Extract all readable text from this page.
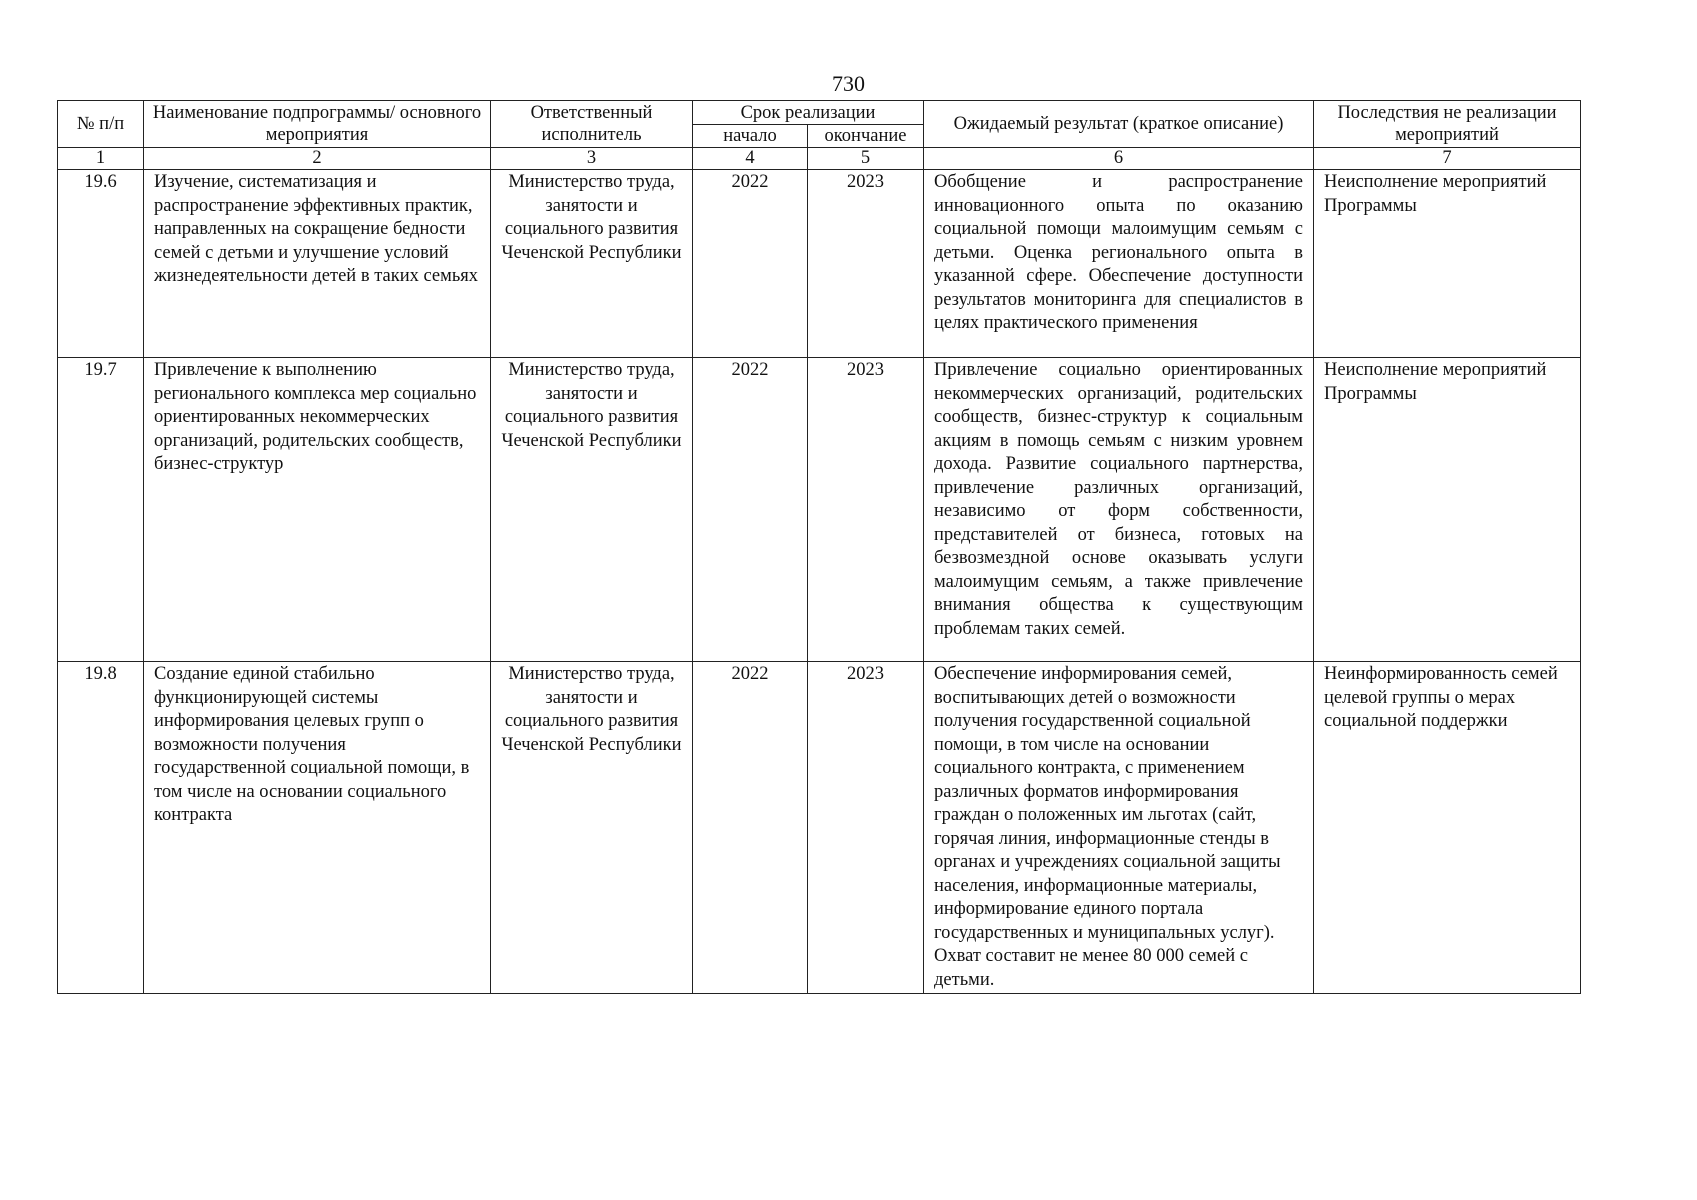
730
№ п/п	Наименование подпрограммы/ основного мероприятия	Ответственный исполнитель	Срок реализации		Ожидаемый результат (краткое описание)	Последствия не реализации мероприятий
			начало	окончание		
1	2	3	4	5	6	7
19.6	Изучение, систематизация и распространение эффективных практик, направленных на сокращение бедности семей с детьми и улучшение условий жизнедеятельности детей в таких семьях	Министерство труда, занятости и социального развития Чеченской Республики	2022	2023	Обобщение и распространение инновационного опыта по оказанию социальной помощи малоимущим семьям с детьми. Оценка регионального опыта в указанной сфере. Обеспечение доступности результатов мониторинга для специалистов в целях практического применения	Неисполнение мероприятий Программы
19.7	Привлечение к выполнению регионального комплекса мер социально ориентированных некоммерческих организаций, родительских сообществ, бизнес-структур	Министерство труда, занятости и социального развития Чеченской Республики	2022	2023	Привлечение социально ориентированных некоммерческих организаций, родительских сообществ, бизнес-структур к социальным акциям в помощь семьям с низким уровнем дохода. Развитие социального партнерства, привлечение различных организаций, независимо от форм собственности, представителей от бизнеса, готовых на безвозмездной основе оказывать услуги малоимущим семьям, а также привлечение внимания общества к существующим проблемам таких семей.	Неисполнение мероприятий Программы
19.8	Создание единой стабильно функционирующей системы информирования целевых групп о возможности получения государственной социальной помощи, в том числе на основании социального контракта	Министерство труда, занятости и социального развития Чеченской Республики	2022	2023	Обеспечение информирования семей, воспитывающих детей о возможности получения государственной социальной помощи, в том числе на основании социального контракта, с применением различных форматов информирования граждан о положенных им льготах (сайт, горячая линия, информационные стенды в органах и учреждениях социальной защиты населения, информационные материалы, информирование единого портала государственных и муниципальных услуг). Охват составит не менее 80 000 семей с детьми.	Неинформированность семей целевой группы о мерах социальной поддержки
